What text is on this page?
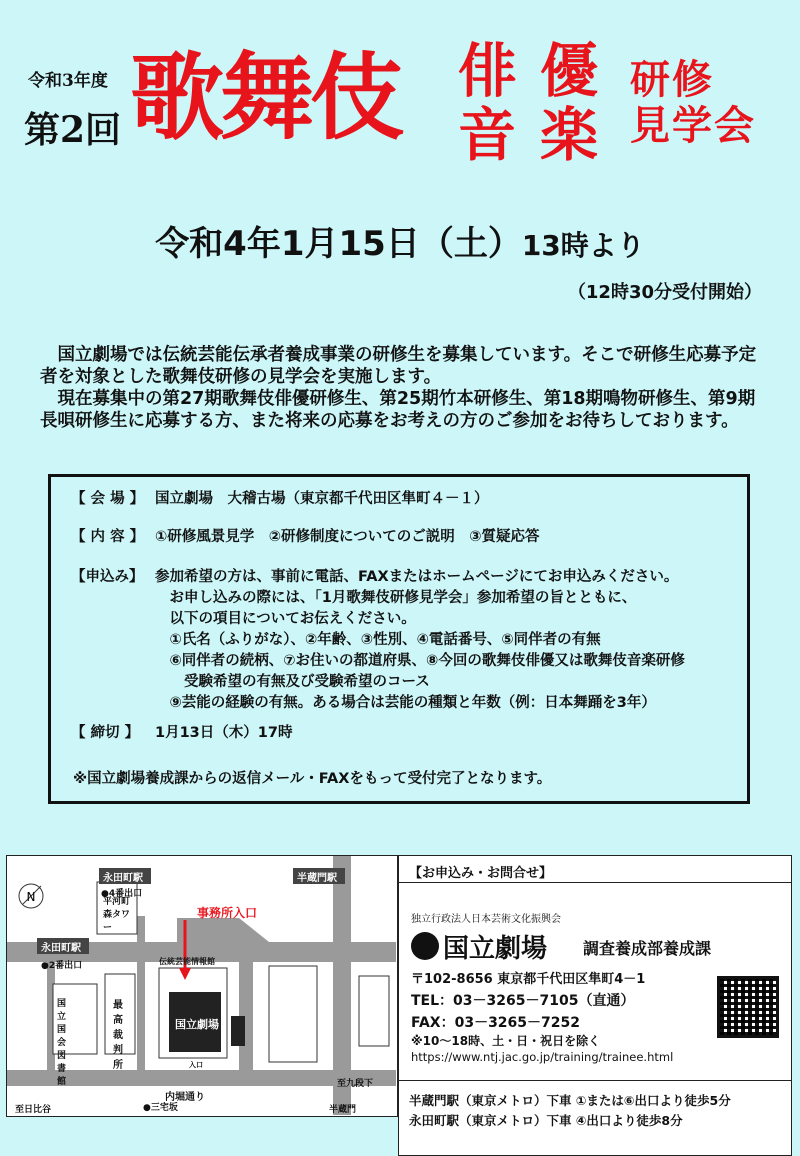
令和3年度
第2回 歌舞伎 俳 優
音 楽
研修
見学会
令和4年1月15日（土）13時より
（12時30分受付開始）

国立劇場では伝統芸能伝承者養成事業の研修生を募集しています。そこで研修生応募予定者を対象とした歌舞伎研修の見学会を実施します。

現在募集中の第27期歌舞伎俳優研修生、第25期竹本研修生、第18期鳴物研修生、第9期長唄研修生に応募する方、また将来の応募をお考えの方のご参加をお待ちしております。

【 会 場 】 国立劇場　大稽古場（東京都千代田区隼町４－１）
【 内 容 】 ①研修風景見学　②研修制度についてのご説明　③質疑応答
【申込み】 参加希望の方は、事前に電話、FAXまたはホームページにてお申込みください。
お申し込みの際には、「1月歌舞伎研修見学会」参加希望の旨とともに、
以下の項目についてお伝えください。
①氏名（ふりがな）、②年齢、③性別、④電話番号、⑤同伴者の有無
⑥同伴者の続柄、⑦お住いの都道府県、⑧今回の歌舞伎俳優又は歌舞伎音楽研修
受験希望の有無及び受験希望のコース
⑨芸能の経験の有無。ある場合は芸能の種類と年数（例：日本舞踊を3年）
【 締切 】 1月13日（木）17時
※国立劇場養成課からの返信メール・FAXをもって受付完了となります。
N
永田町駅
●4番出口
半蔵門駅
永田町駅
●2番出口
事務所入口
伝統芸能情報館
国立劇場
国立国会図書館
最高裁判所
平河町森タワー
内堀通り
●三宅坂
至日比谷
至九段下
半蔵門
入口
【お申込み・お問合せ】
独立行政法人日本芸術文化振興会
国立劇場 調査養成部養成課
〒102-8656 東京都千代田区隼町4－1
TEL：03－3265－7105（直通）
FAX：03－3265－7252
※10～18時、土・日・祝日を除く
https://www.ntj.jac.go.jp/training/trainee.html
半蔵門駅（東京メトロ）下車 ①または⑥出口より徒歩5分
永田町駅（東京メトロ）下車 ④出口より徒歩8分
